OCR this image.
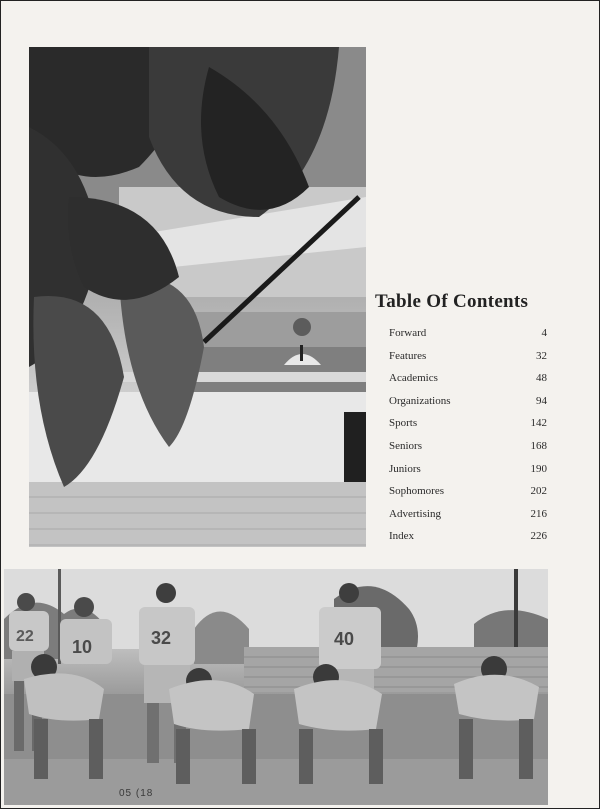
Table Of Contents
Forward	4
Features	32
Academics	48
Organizations	94
Sports	142
Seniors	168
Juniors	190
Sophomores	202
Advertising	216
Index	226
22
10	32	40
05 (18
